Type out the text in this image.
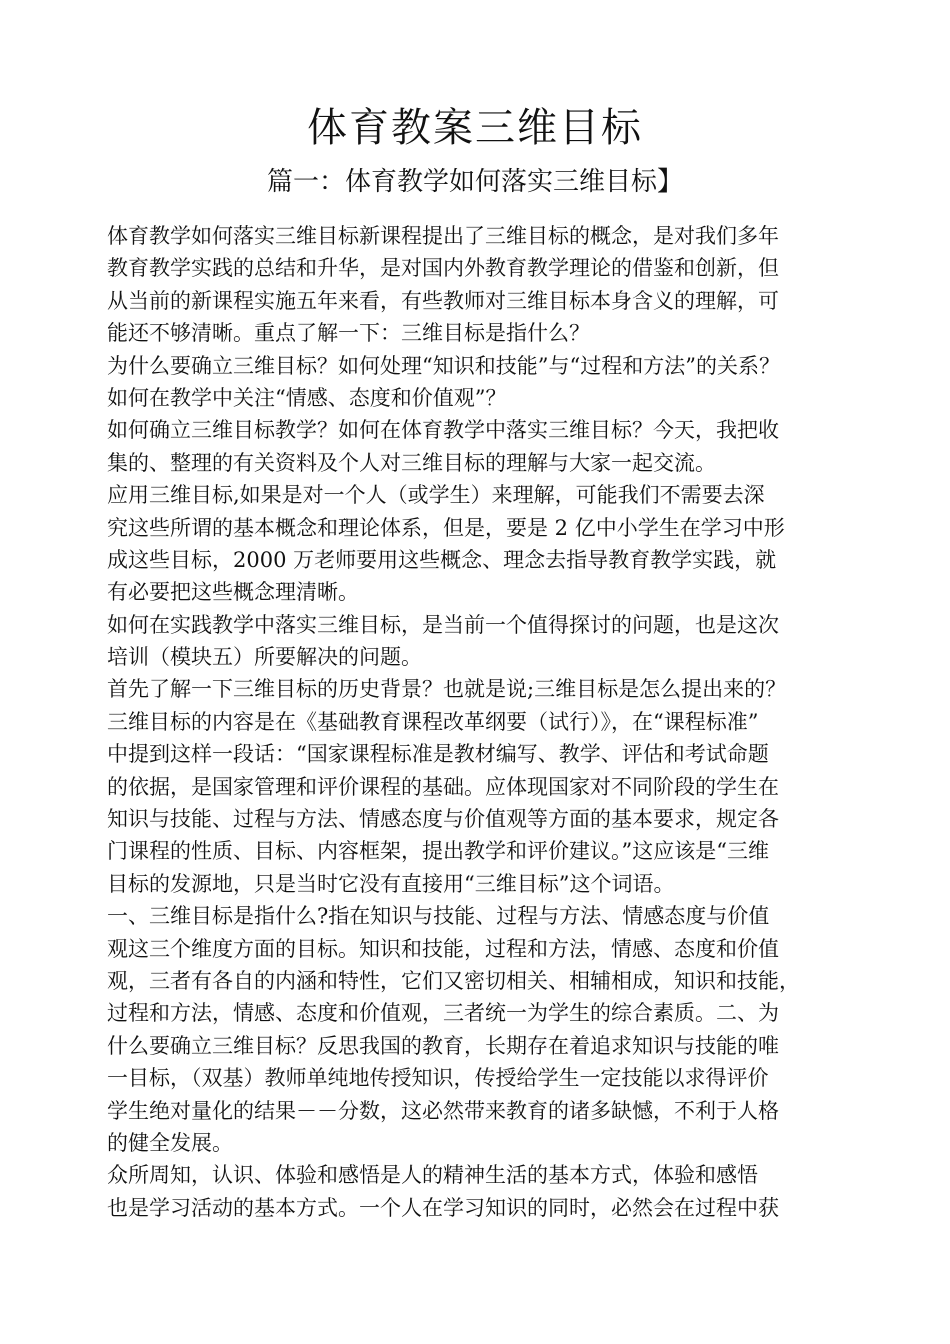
体育教案三维目标
篇一：体育教学如何落实三维目标】
体育教学如何落实三维目标新课程提出了三维目标的概念，是对我们多年
教育教学实践的总结和升华，是对国内外教育教学理论的借鉴和创新，但
从当前的新课程实施五年来看，有些教师对三维目标本身含义的理解，可
能还不够清晰。重点了解一下：三维目标是指什么？
为什么要确立三维目标？如何处理“知识和技能”与“过程和方法”的关系？
如何在教学中关注“情感、态度和价值观”？
如何确立三维目标教学？如何在体育教学中落实三维目标？今天，我把收
集的、整理的有关资料及个人对三维目标的理解与大家一起交流。
应用三维目标,如果是对一个人（或学生）来理解，可能我们不需要去深
究这些所谓的基本概念和理论体系，但是，要是 2 亿中小学生在学习中形
成这些目标，2000 万老师要用这些概念、理念去指导教育教学实践，就
有必要把这些概念理清晰。
如何在实践教学中落实三维目标，是当前一个值得探讨的问题，也是这次
培训（模块五）所要解决的问题。
首先了解一下三维目标的历史背景？也就是说;三维目标是怎么提出来的？
三维目标的内容是在《基础教育课程改革纲要（试行）》，在“课程标准”
中提到这样一段话：“国家课程标准是教材编写、教学、评估和考试命题
的依据，是国家管理和评价课程的基础。应体现国家对不同阶段的学生在
知识与技能、过程与方法、情感态度与价值观等方面的基本要求，规定各
门课程的性质、目标、内容框架，提出教学和评价建议。”这应该是“三维
目标的发源地，只是当时它没有直接用“三维目标”这个词语。
一、三维目标是指什么?指在知识与技能、过程与方法、情感态度与价值
观这三个维度方面的目标。知识和技能，过程和方法，情感、态度和价值
观，三者有各自的内涵和特性，它们又密切相关、相辅相成，知识和技能，
过程和方法，情感、态度和价值观，三者统一为学生的综合素质。二、为
什么要确立三维目标？反思我国的教育，长期存在着追求知识与技能的唯
一目标，（双基）教师单纯地传授知识，传授给学生一定技能以求得评价
学生绝对量化的结果－－分数，这必然带来教育的诸多缺憾，不利于人格
的健全发展。
众所周知，认识、体验和感悟是人的精神生活的基本方式，体验和感悟
也是学习活动的基本方式。一个人在学习知识的同时，必然会在过程中获
